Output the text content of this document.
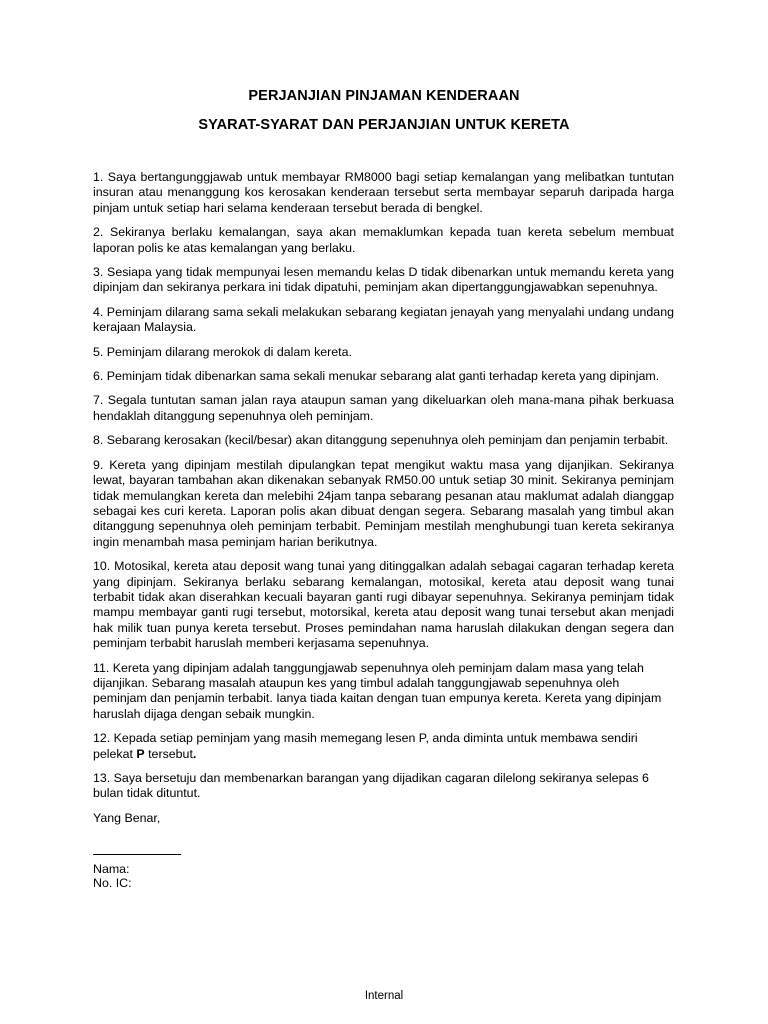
PERJANJIAN PINJAMAN KENDERAAN
SYARAT-SYARAT DAN PERJANJIAN UNTUK KERETA

1. Saya bertangunggjawab untuk membayar RM8000 bagi setiap kemalangan yang melibatkan tuntutan insuran atau menanggung kos kerosakan kenderaan tersebut serta membayar separuh daripada harga pinjam untuk setiap hari selama kenderaan tersebut berada di bengkel.

2. Sekiranya berlaku kemalangan, saya akan memaklumkan kepada tuan kereta sebelum membuat laporan polis ke atas kemalangan yang berlaku.

3. Sesiapa yang tidak mempunyai lesen memandu kelas D tidak dibenarkan untuk memandu kereta yang dipinjam dan sekiranya perkara ini tidak dipatuhi, peminjam akan dipertanggungjawabkan sepenuhnya.

4. Peminjam dilarang sama sekali melakukan sebarang kegiatan jenayah yang menyalahi undang undang kerajaan Malaysia.

5. Peminjam dilarang merokok di dalam kereta.

6. Peminjam tidak dibenarkan sama sekali menukar sebarang alat ganti terhadap kereta yang dipinjam.

7. Segala tuntutan saman jalan raya ataupun saman yang dikeluarkan oleh mana-mana pihak berkuasa hendaklah ditanggung sepenuhnya oleh peminjam.

8. Sebarang kerosakan (kecil/besar) akan ditanggung sepenuhnya oleh peminjam dan penjamin terbabit.

9. Kereta yang dipinjam mestilah dipulangkan tepat mengikut waktu masa yang dijanjikan. Sekiranya lewat, bayaran tambahan akan dikenakan sebanyak RM50.00 untuk setiap 30 minit. Sekiranya peminjam tidak memulangkan kereta dan melebihi 24jam tanpa sebarang pesanan atau maklumat adalah dianggap sebagai kes curi kereta. Laporan polis akan dibuat dengan segera. Sebarang masalah yang timbul akan ditanggung sepenuhnya oleh peminjam terbabit. Peminjam mestilah menghubungi tuan kereta sekiranya ingin menambah masa peminjam harian berikutnya.

10. Motosikal, kereta atau deposit wang tunai yang ditinggalkan adalah sebagai cagaran terhadap kereta yang dipinjam. Sekiranya berlaku sebarang kemalangan, motosikal, kereta atau deposit wang tunai terbabit tidak akan diserahkan kecuali bayaran ganti rugi dibayar sepenuhnya. Sekiranya peminjam tidak mampu membayar ganti rugi tersebut, motorsikal, kereta atau deposit wang tunai tersebut akan menjadi hak milik tuan punya kereta tersebut. Proses pemindahan nama haruslah dilakukan dengan segera dan peminjam terbabit haruslah memberi kerjasama sepenuhnya.

11. Kereta yang dipinjam adalah tanggungjawab sepenuhnya oleh peminjam dalam masa yang telah dijanjikan. Sebarang masalah ataupun kes yang timbul adalah tanggungjawab sepenuhnya oleh peminjam dan penjamin terbabit. Ianya tiada kaitan dengan tuan empunya kereta. Kereta yang dipinjam haruslah dijaga dengan sebaik mungkin.

12. Kepada setiap peminjam yang masih memegang lesen P, anda diminta untuk membawa sendiri pelekat P tersebut.

13. Saya bersetuju dan membenarkan barangan yang dijadikan cagaran dilelong sekiranya selepas 6 bulan tidak dituntut.

Yang Benar,

Nama:
No. IC:
Internal
